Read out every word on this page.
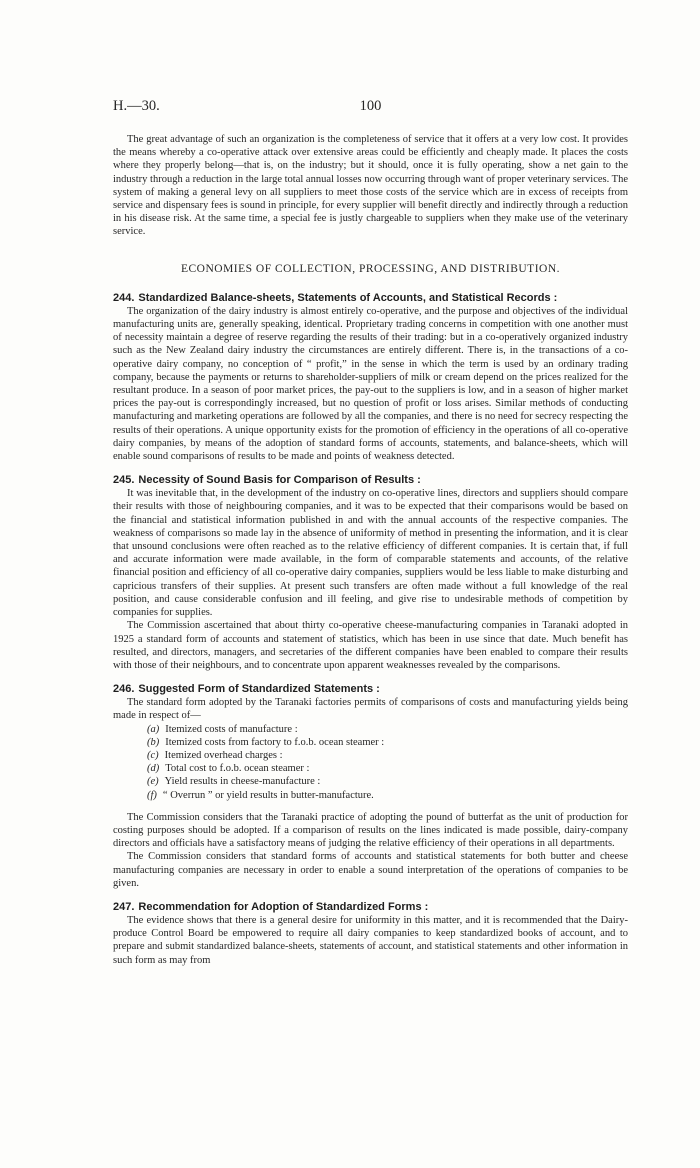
H.—30.	100

The great advantage of such an organization is the completeness of service that it offers at a very low cost. It provides the means whereby a co-operative attack over extensive areas could be efficiently and cheaply made. It places the costs where they properly belong—that is, on the industry; but it should, once it is fully operating, show a net gain to the industry through a reduction in the large total annual losses now occurring through want of proper veterinary services. The system of making a general levy on all suppliers to meet those costs of the service which are in excess of receipts from service and dispensary fees is sound in principle, for every supplier will benefit directly and indirectly through a reduction in his disease risk. At the same time, a special fee is justly chargeable to suppliers when they make use of the veterinary service.

ECONOMIES OF COLLECTION, PROCESSING, AND DISTRIBUTION.
244. Standardized Balance-sheets, Statements of Accounts, and Statistical Records :

The organization of the dairy industry is almost entirely co-operative, and the purpose and objectives of the individual manufacturing units are, generally speaking, identical. Proprietary trading concerns in competition with one another must of necessity maintain a degree of reserve regarding the results of their trading: but in a co-operatively organized industry such as the New Zealand dairy industry the circumstances are entirely different. There is, in the transactions of a co-operative dairy company, no conception of “ profit,” in the sense in which the term is used by an ordinary trading company, because the payments or returns to shareholder-suppliers of milk or cream depend on the prices realized for the resultant produce. In a season of poor market prices, the pay-out to the suppliers is low, and in a season of higher market prices the pay-out is correspondingly increased, but no question of profit or loss arises. Similar methods of conducting manufacturing and marketing operations are followed by all the companies, and there is no need for secrecy respecting the results of their operations. A unique opportunity exists for the promotion of efficiency in the operations of all co-operative dairy companies, by means of the adoption of standard forms of accounts, statements, and balance-sheets, which will enable sound comparisons of results to be made and points of weakness detected.

245. Necessity of Sound Basis for Comparison of Results :

It was inevitable that, in the development of the industry on co-operative lines, directors and suppliers should compare their results with those of neighbouring companies, and it was to be expected that their comparisons would be based on the financial and statistical information published in and with the annual accounts of the respective companies. The weakness of comparisons so made lay in the absence of uniformity of method in presenting the information, and it is clear that unsound conclusions were often reached as to the relative efficiency of different companies. It is certain that, if full and accurate information were made available, in the form of comparable statements and accounts, of the relative financial position and efficiency of all co-operative dairy companies, suppliers would be less liable to make disturbing and capricious transfers of their supplies. At present such transfers are often made without a full knowledge of the real position, and cause considerable confusion and ill feeling, and give rise to undesirable methods of competition by companies for supplies.

The Commission ascertained that about thirty co-operative cheese-manufacturing companies in Taranaki adopted in 1925 a standard form of accounts and statement of statistics, which has been in use since that date. Much benefit has resulted, and directors, managers, and secretaries of the different companies have been enabled to compare their results with those of their neighbours, and to concentrate upon apparent weaknesses revealed by the comparisons.

246. Suggested Form of Standardized Statements :

The standard form adopted by the Taranaki factories permits of comparisons of costs and manufacturing yields being made in respect of—

(a) Itemized costs of manufacture :
(b) Itemized costs from factory to f.o.b. ocean steamer :
(c) Itemized overhead charges :
(d) Total cost to f.o.b. ocean steamer :
(e) Yield results in cheese-manufacture :
(f) “ Overrun ” or yield results in butter-manufacture.

The Commission considers that the Taranaki practice of adopting the pound of butterfat as the unit of production for costing purposes should be adopted. If a comparison of results on the lines indicated is made possible, dairy-company directors and officials have a satisfactory means of judging the relative efficiency of their operations in all departments.

The Commission considers that standard forms of accounts and statistical statements for both butter and cheese manufacturing companies are necessary in order to enable a sound interpretation of the operations of companies to be given.

247. Recommendation for Adoption of Standardized Forms :

The evidence shows that there is a general desire for uniformity in this matter, and it is recommended that the Dairy-produce Control Board be empowered to require all dairy companies to keep standardized books of account, and to prepare and submit standardized balance-sheets, statements of account, and statistical statements and other information in such form as may from
